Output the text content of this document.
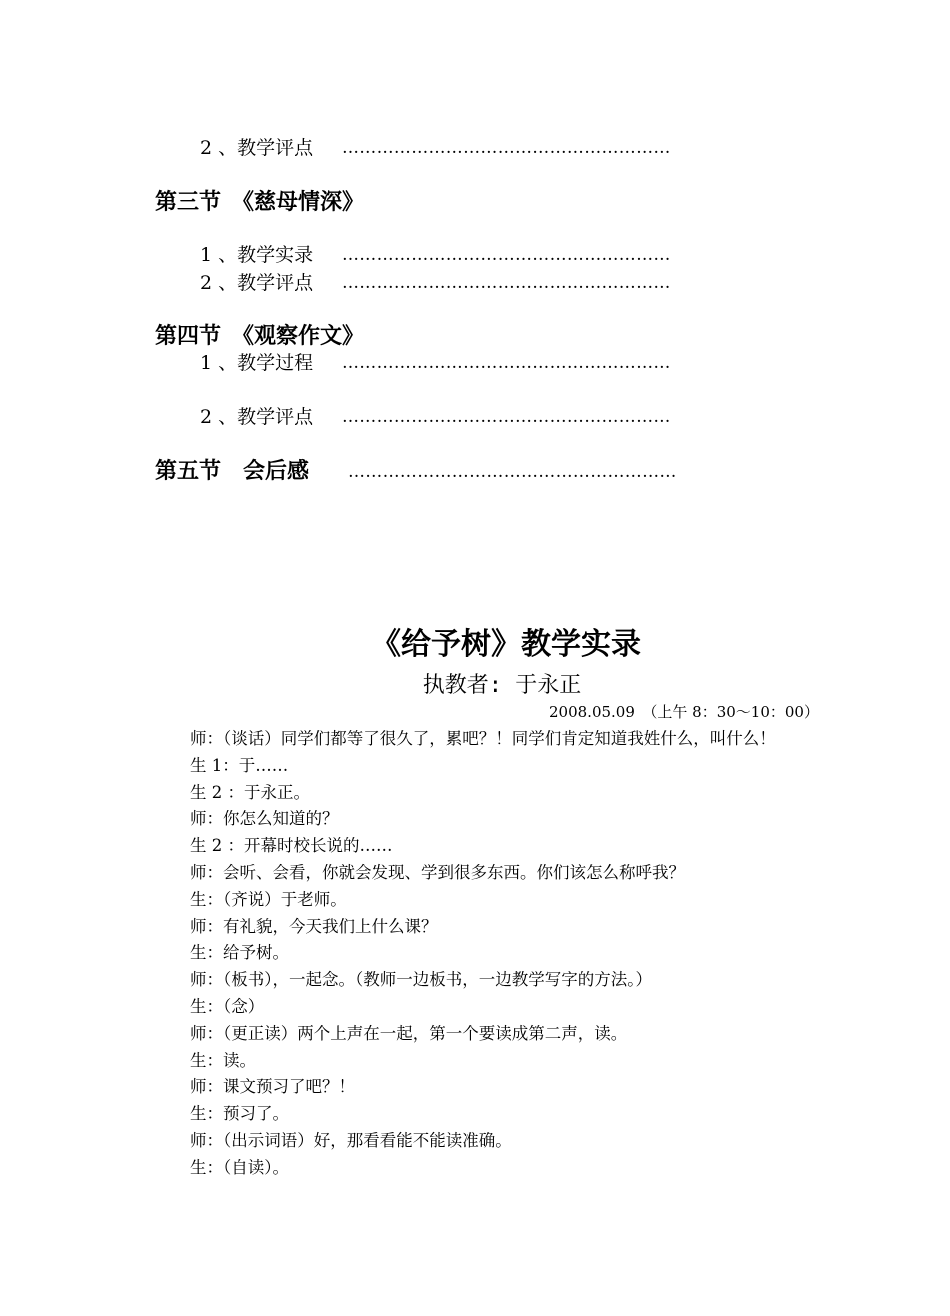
2 、教学评点 …………………………………………………
第三节　《慈母情深》
1 、教学实录 …………………………………………………
2 、教学评点 …………………………………………………
第四节　《观察作文》
1 、教学过程 …………………………………………………
2 、教学评点 …………………………………………………
第五节　会后感 …………………………………………………
《给予树》教学实录
执教者: 于永正
2008.05.09　（上午 8：30～10：00）
师：（谈话）同学们都等了很久了，累吧？！同学们肯定知道我姓什么，叫什么！
生 1：于……
生 2 ：于永正。
师：你怎么知道的？
生 2 ：开幕时校长说的……
师：会听、会看，你就会发现、学到很多东西。你们该怎么称呼我？
生：（齐说）于老师。
师：有礼貌，今天我们上什么课？
生：给予树。
师：（板书），一起念。（教师一边板书，一边教学写字的方法。）
生：（念）
师：（更正读）两个上声在一起，第一个要读成第二声，读。
生：读。
师：课文预习了吧？！
生：预习了。
师：（出示词语）好，那看看能不能读准确。
生：（自读）。
